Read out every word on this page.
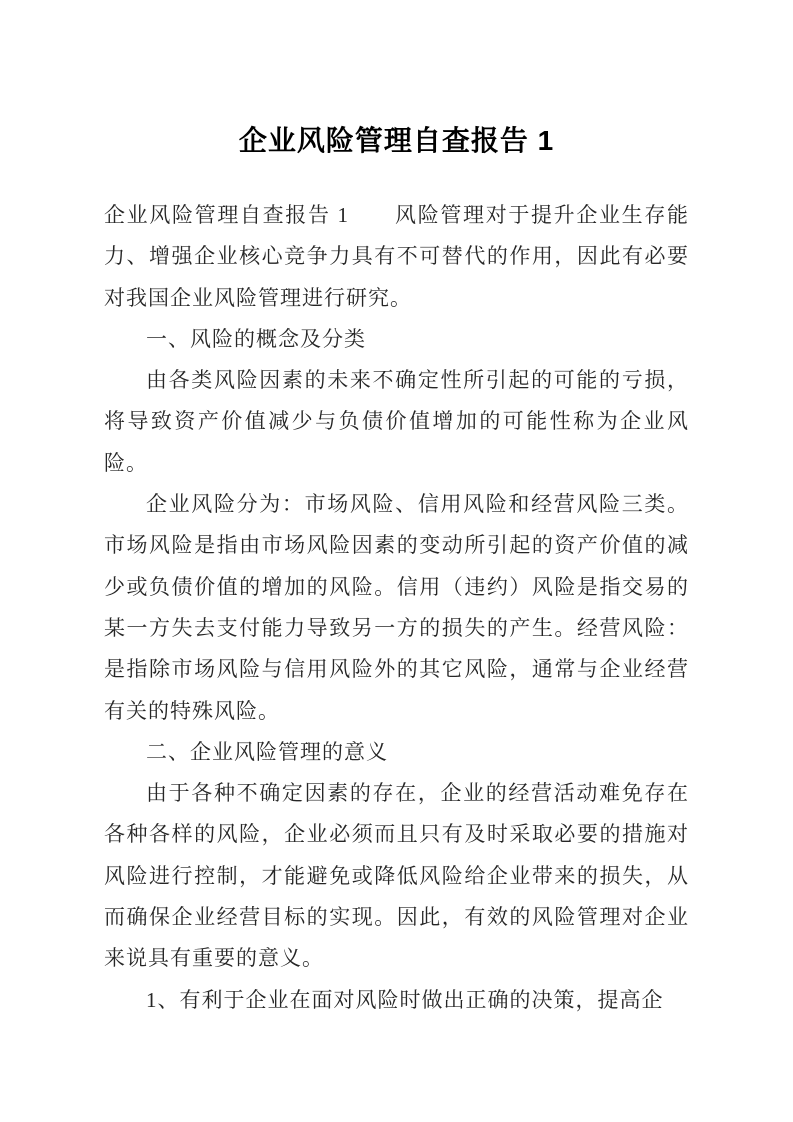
企业风险管理自查报告 1

企业风险管理自查报告 1　　风险管理对于提升企业生存能力、增强企业核心竞争力具有不可替代的作用，因此有必要对我国企业风险管理进行研究。

一、风险的概念及分类

由各类风险因素的未来不确定性所引起的可能的亏损，将导致资产价值减少与负债价值增加的可能性称为企业风险。

企业风险分为：市场风险、信用风险和经营风险三类。市场风险是指由市场风险因素的变动所引起的资产价值的减少或负债价值的增加的风险。信用（违约）风险是指交易的某一方失去支付能力导致另一方的损失的产生。经营风险：是指除市场风险与信用风险外的其它风险，通常与企业经营有关的特殊风险。

二、企业风险管理的意义

由于各种不确定因素的存在，企业的经营活动难免存在各种各样的风险，企业必须而且只有及时采取必要的措施对风险进行控制，才能避免或降低风险给企业带来的损失，从而确保企业经营目标的实现。因此，有效的风险管理对企业来说具有重要的意义。

1、有利于企业在面对风险时做出正确的决策，提高企
